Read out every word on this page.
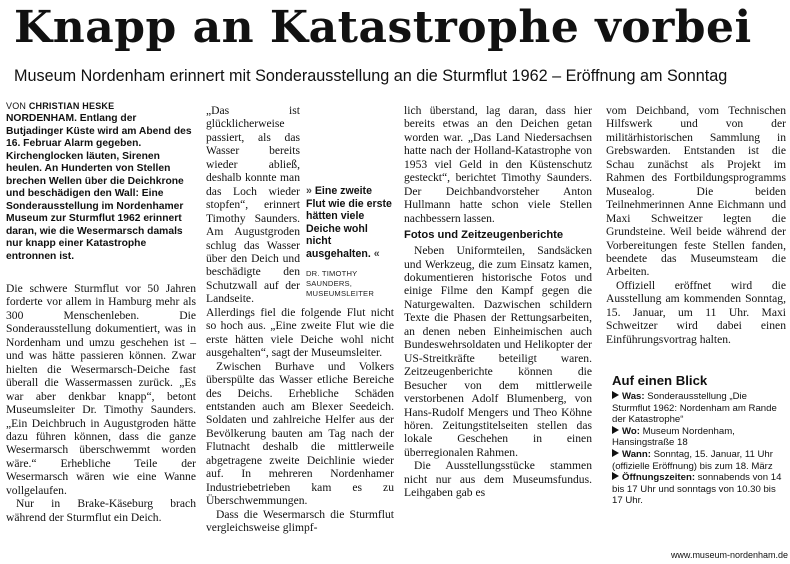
Knapp an Katastrophe vorbei
Museum Nordenham erinnert mit Sonderausstellung an die Sturmflut 1962 – Eröffnung am Sonntag
VON CHRISTIAN HESKE

NORDENHAM. Entlang der Butjadinger Küste wird am Abend des 16. Februar Alarm gegeben. Kirchenglocken läuten, Sirenen heulen. An Hunderten von Stellen brechen Wellen über die Deichkrone und beschädigen den Wall: Eine Sonderausstellung im Nordenhamer Museum zur Sturmflut 1962 erinnert daran, wie die Wesermarsch damals nur knapp einer Katastrophe entronnen ist.

Die schwere Sturmflut vor 50 Jahren forderte vor allem in Hamburg mehr als 300 Menschenleben. Die Sonderausstellung dokumentiert, was in Nordenham und umzu geschehen ist – und was hätte passieren können. Zwar hielten die Wesermarsch-Deiche fast überall die Wassermassen zurück. „Es war aber denkbar knapp“, betont Museumsleiter Dr. Timothy Saunders. „Ein Deichbruch in Augustgroden hätte dazu führen können, dass die ganze Wesermarsch überschwemmt worden wäre.“ Erhebliche Teile der Wesermarsch wären wie eine Wanne vollgelaufen.

Nur in Brake-Käseburg brach während der Sturmflut ein Deich.

„Das ist glücklicherweise passiert, als das Wasser bereits wieder abließ, deshalb konnte man das Loch wieder stopfen“, erinnert Timothy Saunders. Am Augustgroden schlug das Wasser über den Deich und beschädigte den Schutzwall auf der Landseite. Allerdings fiel die folgende Flut nicht so hoch aus. „Eine zweite Flut wie die erste hätten viele Deiche wohl nicht ausgehalten“, sagt der Museumsleiter.

Zwischen Burhave und Volkers überspülte das Wasser etliche Bereiche des Deichs. Erhebliche Schäden entstanden auch am Blexer Seedeich. Soldaten und zahlreiche Helfer aus der Bevölkerung bauten am Tag nach der Flutnacht deshalb die mittlerweile abgetragene zweite Deichlinie wieder auf. In mehreren Nordenhamer Industriebetrieben kam es zu Überschwemmungen.

Dass die Wesermarsch die Sturmflut vergleichsweise glimpf-

» Eine zweite Flut wie die erste hätten viele Deiche wohl nicht ausgehalten. «
DR. TIMOTHY SAUNDERS, MUSEUMSLEITER

lich überstand, lag daran, dass hier bereits etwas an den Deichen getan worden war. „Das Land Niedersachsen hatte nach der Holland-Katastrophe von 1953 viel Geld in den Küstenschutz gesteckt“, berichtet Timothy Saunders. Der Deichbandvorsteher Anton Hullmann hatte schon viele Stellen nachbessern lassen.

Fotos und Zeitzeugenberichte

Neben Uniformteilen, Sandsäcken und Werkzeug, die zum Einsatz kamen, dokumentieren historische Fotos und einige Filme den Kampf gegen die Naturgewalten. Dazwischen schildern Texte die Phasen der Rettungsarbeiten, an denen neben Einheimischen auch Bundeswehrsoldaten und Helikopter der US-Streitkräfte beteiligt waren. Zeitzeugenberichte können die Besucher von dem mittlerweile verstorbenen Adolf Blumenberg, von Hans-Rudolf Mengers und Theo Köhne hören. Zeitungstitelseiten stellen das lokale Geschehen in einen überregionalen Rahmen.

Die Ausstellungsstücke stammen nicht nur aus dem Museumsfundus. Leihgaben gab es

vom Deichband, vom Technischen Hilfswerk und von der militärhistorischen Sammlung in Grebswarden. Entstanden ist die Schau zunächst als Projekt im Rahmen des Fortbildungsprogramms Musealog. Die beiden Teilnehmerinnen Anne Eichmann und Maxi Schweitzer legten die Grundsteine. Weil beide während der Vorbereitungen feste Stellen fanden, beendete das Museumsteam die Arbeiten.

Offiziell eröffnet wird die Ausstellung am kommenden Sonntag, 15. Januar, um 11 Uhr. Maxi Schweitzer wird dabei einen Einführungsvortrag halten.

Auf einen Blick

Was: Sonderausstellung „Die Sturmflut 1962: Nordenham am Rande der Katastrophe“

Wo: Museum Nordenham, Hansingstraße 18

Wann: Sonntag, 15. Januar, 11 Uhr (offizielle Eröffnung) bis zum 18. März

Öffnungszeiten: sonnabends von 14 bis 17 Uhr und sonntags von 10.30 bis 17 Uhr.

www.museum-nordenham.de
